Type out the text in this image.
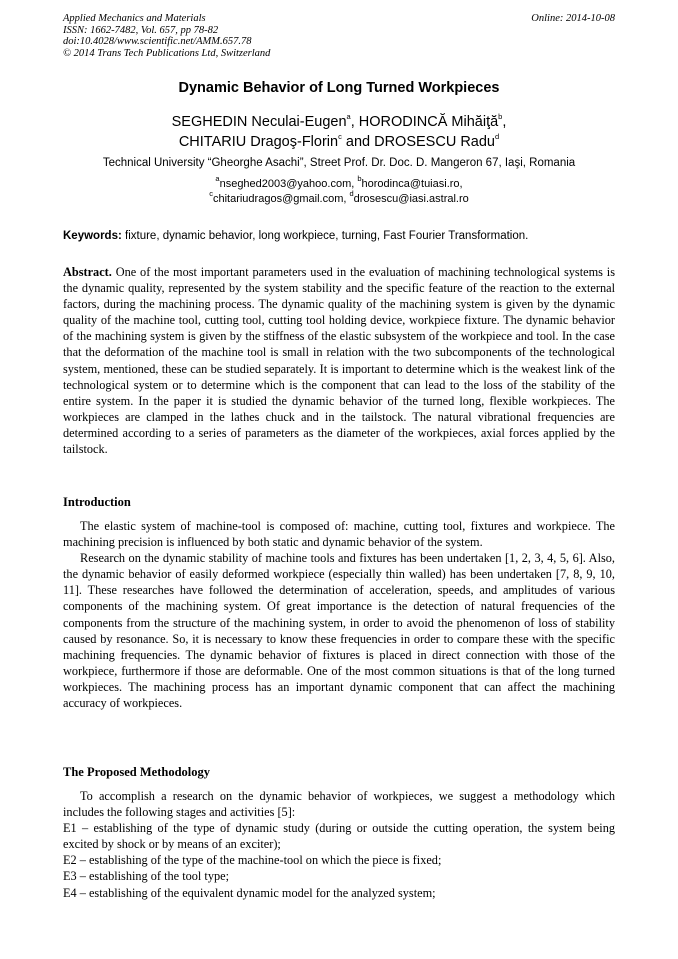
Applied Mechanics and Materials
ISSN: 1662-7482, Vol. 657, pp 78-82
doi:10.4028/www.scientific.net/AMM.657.78
© 2014 Trans Tech Publications Ltd, Switzerland
Online: 2014-10-08
Dynamic Behavior of Long Turned Workpieces
SEGHEDIN Neculai-Eugen$^a$, HORODINCĂ Mihăiţă$^b$,
CHITARIU Dragoş-Florin$^c$ and DROSESCU Radu$^d$
Technical University “Gheorghe Asachi”, Street Prof. Dr. Doc. D. Mangeron 67, Iaşi, Romania
$^a$nseghed2003@yahoo.com, $^b$horodinca@tuiasi.ro,
$^c$chitariudragos@gmail.com, $^d$drosescu@iasi.astral.ro
Keywords: fixture, dynamic behavior, long workpiece, turning, Fast Fourier Transformation.
Abstract. One of the most important parameters used in the evaluation of machining technological systems is the dynamic quality, represented by the system stability and the specific feature of the reaction to the external factors, during the machining process. The dynamic quality of the machining system is given by the dynamic quality of the machine tool, cutting tool, cutting tool holding device, workpiece fixture. The dynamic behavior of the machining system is given by the stiffness of the elastic subsystem of the workpiece and tool. In the case that the deformation of the machine tool is small in relation with the two subcomponents of the technological system, mentioned, these can be studied separately. It is important to determine which is the weakest link of the technological system or to determine which is the component that can lead to the loss of the stability of the entire system. In the paper it is studied the dynamic behavior of the turned long, flexible workpieces. The workpieces are clamped in the lathes chuck and in the tailstock. The natural vibrational frequencies are determined according to a series of parameters as the diameter of the workpieces, axial forces applied by the tailstock.
Introduction

The elastic system of machine-tool is composed of: machine, cutting tool, fixtures and workpiece. The machining precision is influenced by both static and dynamic behavior of the system.

Research on the dynamic stability of machine tools and fixtures has been undertaken [1, 2, 3, 4, 5, 6]. Also, the dynamic behavior of easily deformed workpiece (especially thin walled) has been undertaken [7, 8, 9, 10, 11]. These researches have followed the determination of acceleration, speeds, and amplitudes of various components of the machining system. Of great importance is the detection of natural frequencies of the components from the structure of the machining system, in order to avoid the phenomenon of loss of stability caused by resonance. So, it is necessary to know these frequencies in order to compare these with the specific machining frequencies. The dynamic behavior of fixtures is placed in direct connection with those of the workpiece, furthermore if those are deformable. One of the most common situations is that of the long turned workpieces. The machining process has an important dynamic component that can affect the machining accuracy of workpieces.

The Proposed Methodology

To accomplish a research on the dynamic behavior of workpieces, we suggest a methodology which includes the following stages and activities [5]:

E1 – establishing of the type of dynamic study (during or outside the cutting operation, the system being excited by shock or by means of an exciter);
E2 – establishing of the type of the machine-tool on which the piece is fixed;
E3 – establishing of the tool type;
E4 – establishing of the equivalent dynamic model for the analyzed system;
